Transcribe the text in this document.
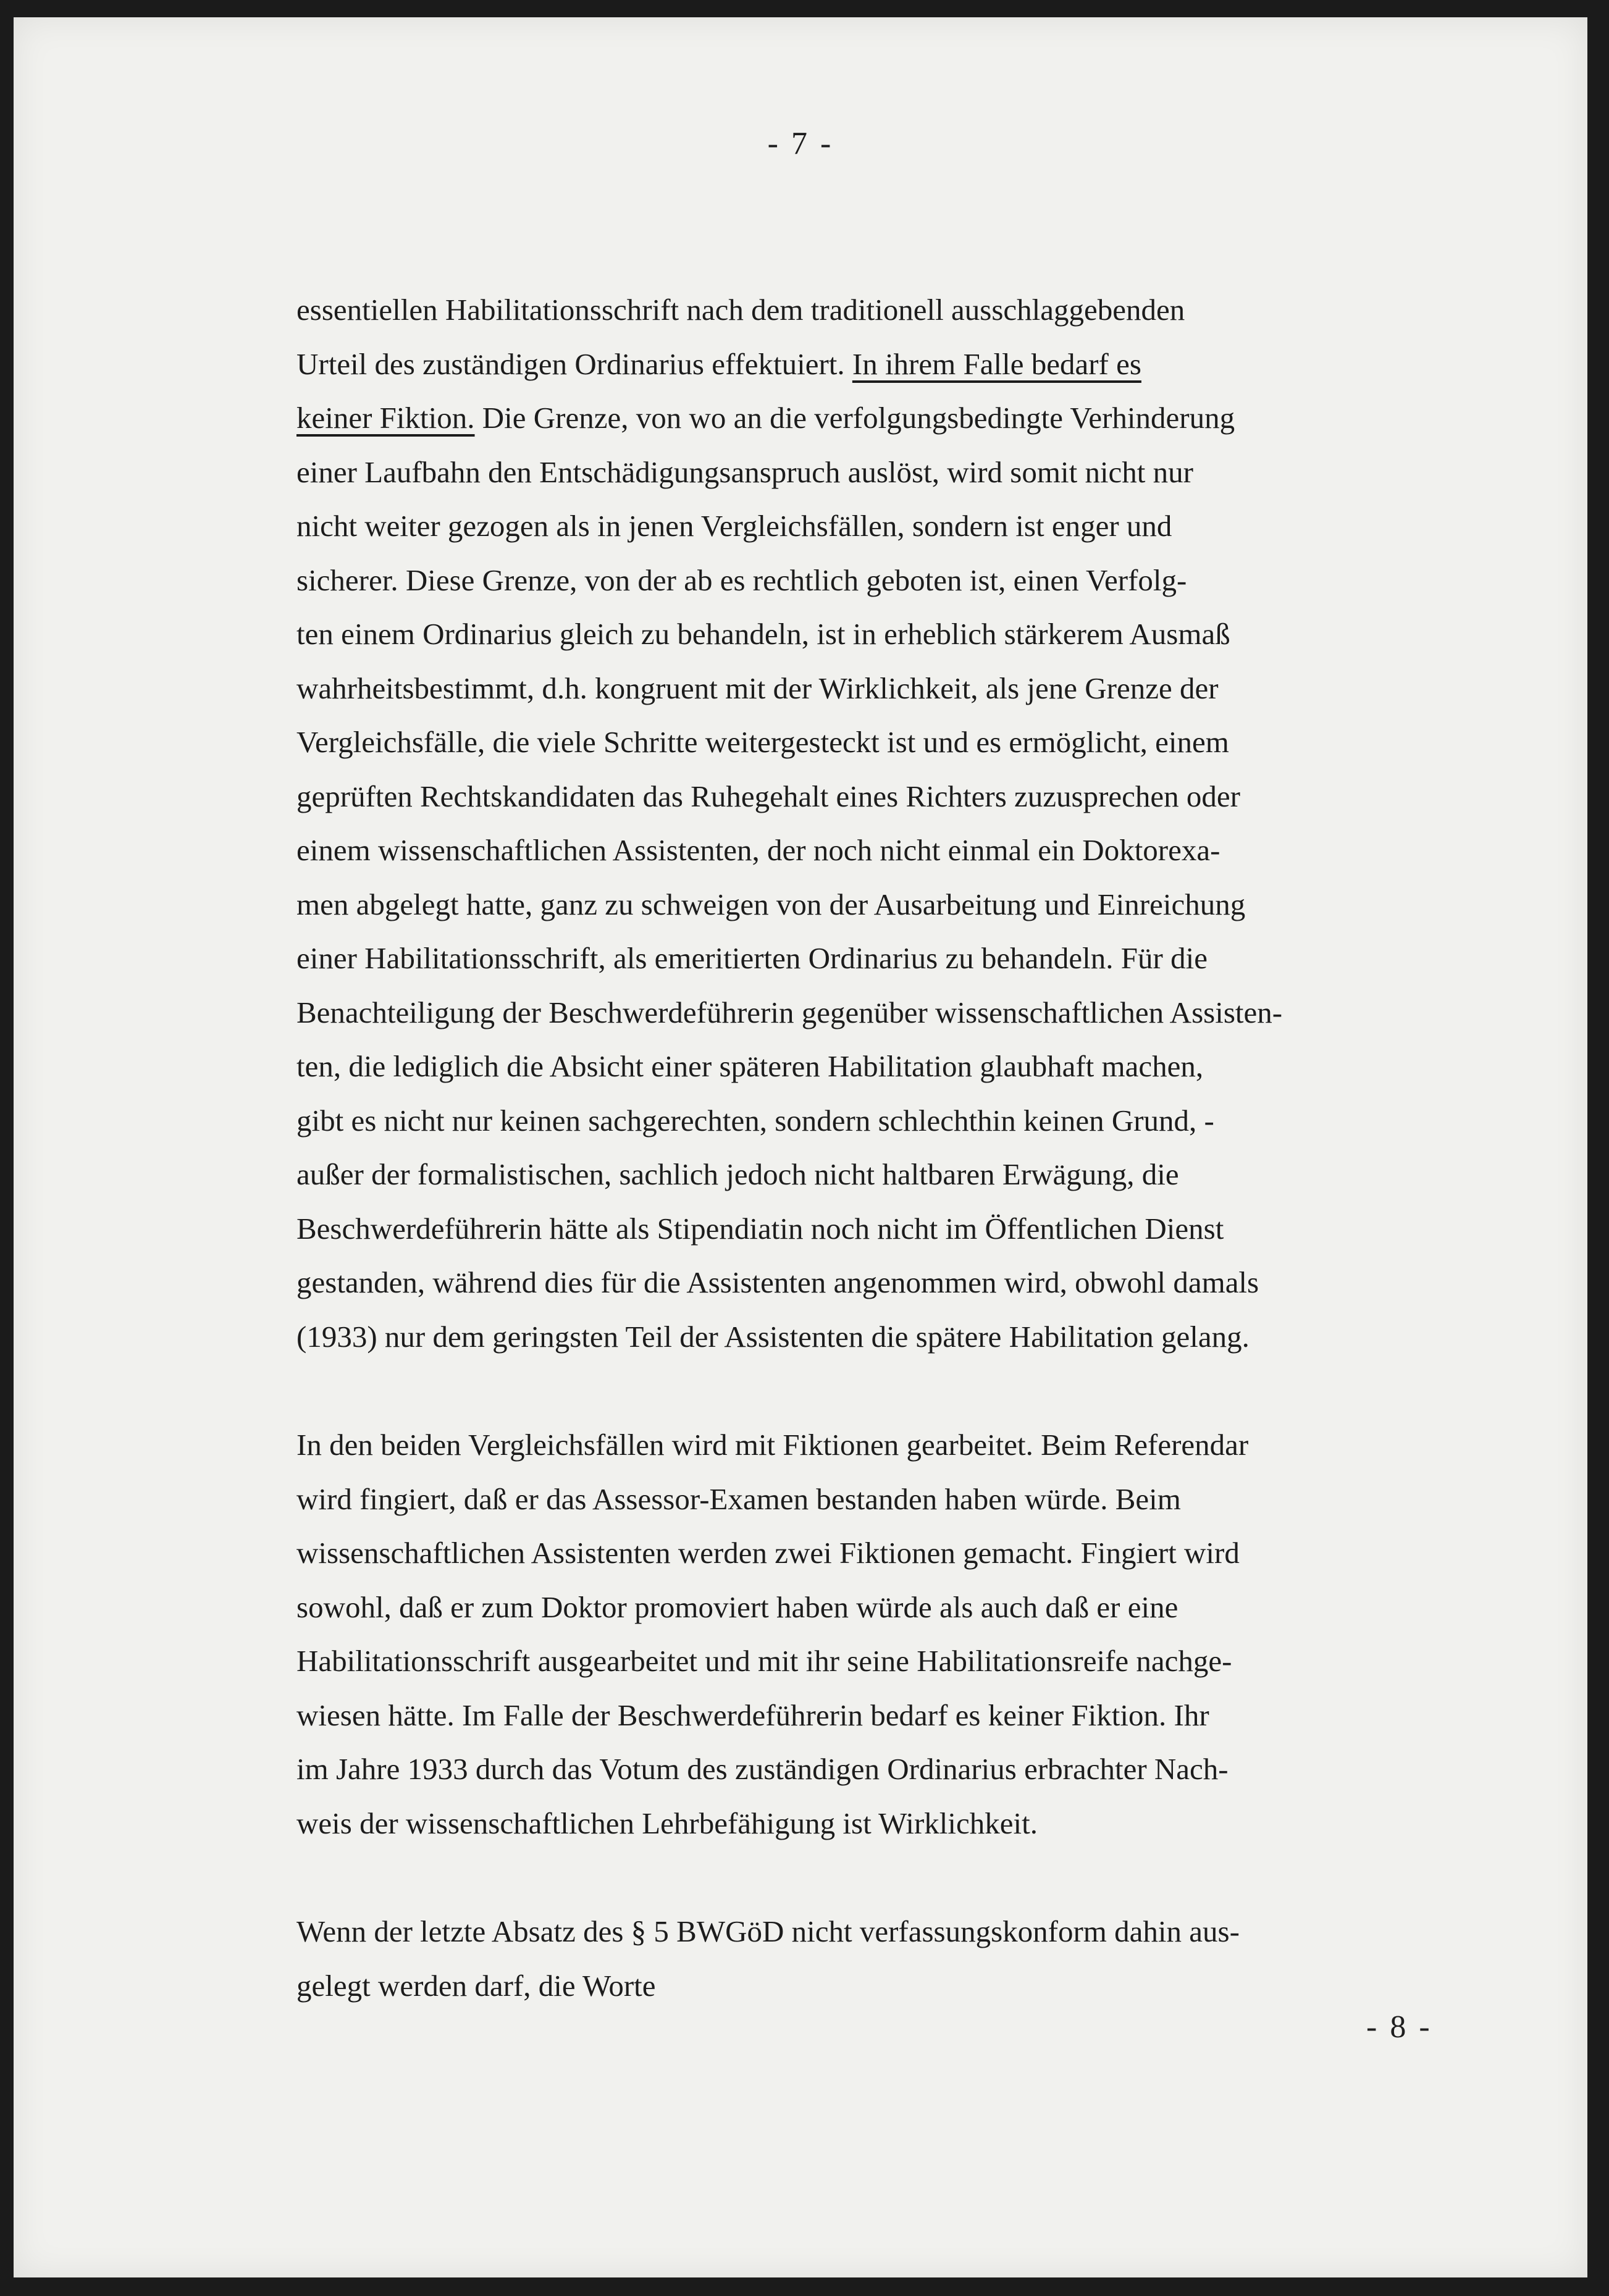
- 7 -
essentiellen Habilitationsschrift nach dem traditionell ausschlaggebenden
Urteil des zuständigen Ordinarius effektuiert. In ihrem Falle bedarf es
keiner Fiktion. Die Grenze, von wo an die verfolgungsbedingte Verhinderung
einer Laufbahn den Entschädigungsanspruch auslöst, wird somit nicht nur
nicht weiter gezogen als in jenen Vergleichsfällen, sondern ist enger und
sicherer. Diese Grenze, von der ab es rechtlich geboten ist, einen Verfolg-
ten einem Ordinarius gleich zu behandeln, ist in erheblich stärkerem Ausmaß
wahrheitsbestimmt, d.h. kongruent mit der Wirklichkeit, als jene Grenze der
Vergleichsfälle, die viele Schritte weitergesteckt ist und es ermöglicht, einem
geprüften Rechtskandidaten das Ruhegehalt eines Richters zuzusprechen oder
einem wissenschaftlichen Assistenten, der noch nicht einmal ein Doktorexa-
men abgelegt hatte, ganz zu schweigen von der Ausarbeitung und Einreichung
einer Habilitationsschrift, als emeritierten Ordinarius zu behandeln. Für die
Benachteiligung der Beschwerdeführerin gegenüber wissenschaftlichen Assisten-
ten, die lediglich die Absicht einer späteren Habilitation glaubhaft machen,
gibt es nicht nur keinen sachgerechten, sondern schlechthin keinen Grund, -
außer der formalistischen, sachlich jedoch nicht haltbaren Erwägung, die
Beschwerdeführerin hätte als Stipendiatin noch nicht im Öffentlichen Dienst
gestanden, während dies für die Assistenten angenommen wird, obwohl damals
(1933) nur dem geringsten Teil der Assistenten die spätere Habilitation gelang.
In den beiden Vergleichsfällen wird mit Fiktionen gearbeitet. Beim Referendar
wird fingiert, daß er das Assessor-Examen bestanden haben würde. Beim
wissenschaftlichen Assistenten werden zwei Fiktionen gemacht. Fingiert wird
sowohl, daß er zum Doktor promoviert haben würde als auch daß er eine
Habilitationsschrift ausgearbeitet und mit ihr seine Habilitationsreife nachge-
wiesen hätte. Im Falle der Beschwerdeführerin bedarf es keiner Fiktion. Ihr
im Jahre 1933 durch das Votum des zuständigen Ordinarius erbrachter Nach-
weis der wissenschaftlichen Lehrbefähigung ist Wirklichkeit.
Wenn der letzte Absatz des § 5 BWGöD nicht verfassungskonform dahin aus-
gelegt werden darf, die Worte
- 8 -
